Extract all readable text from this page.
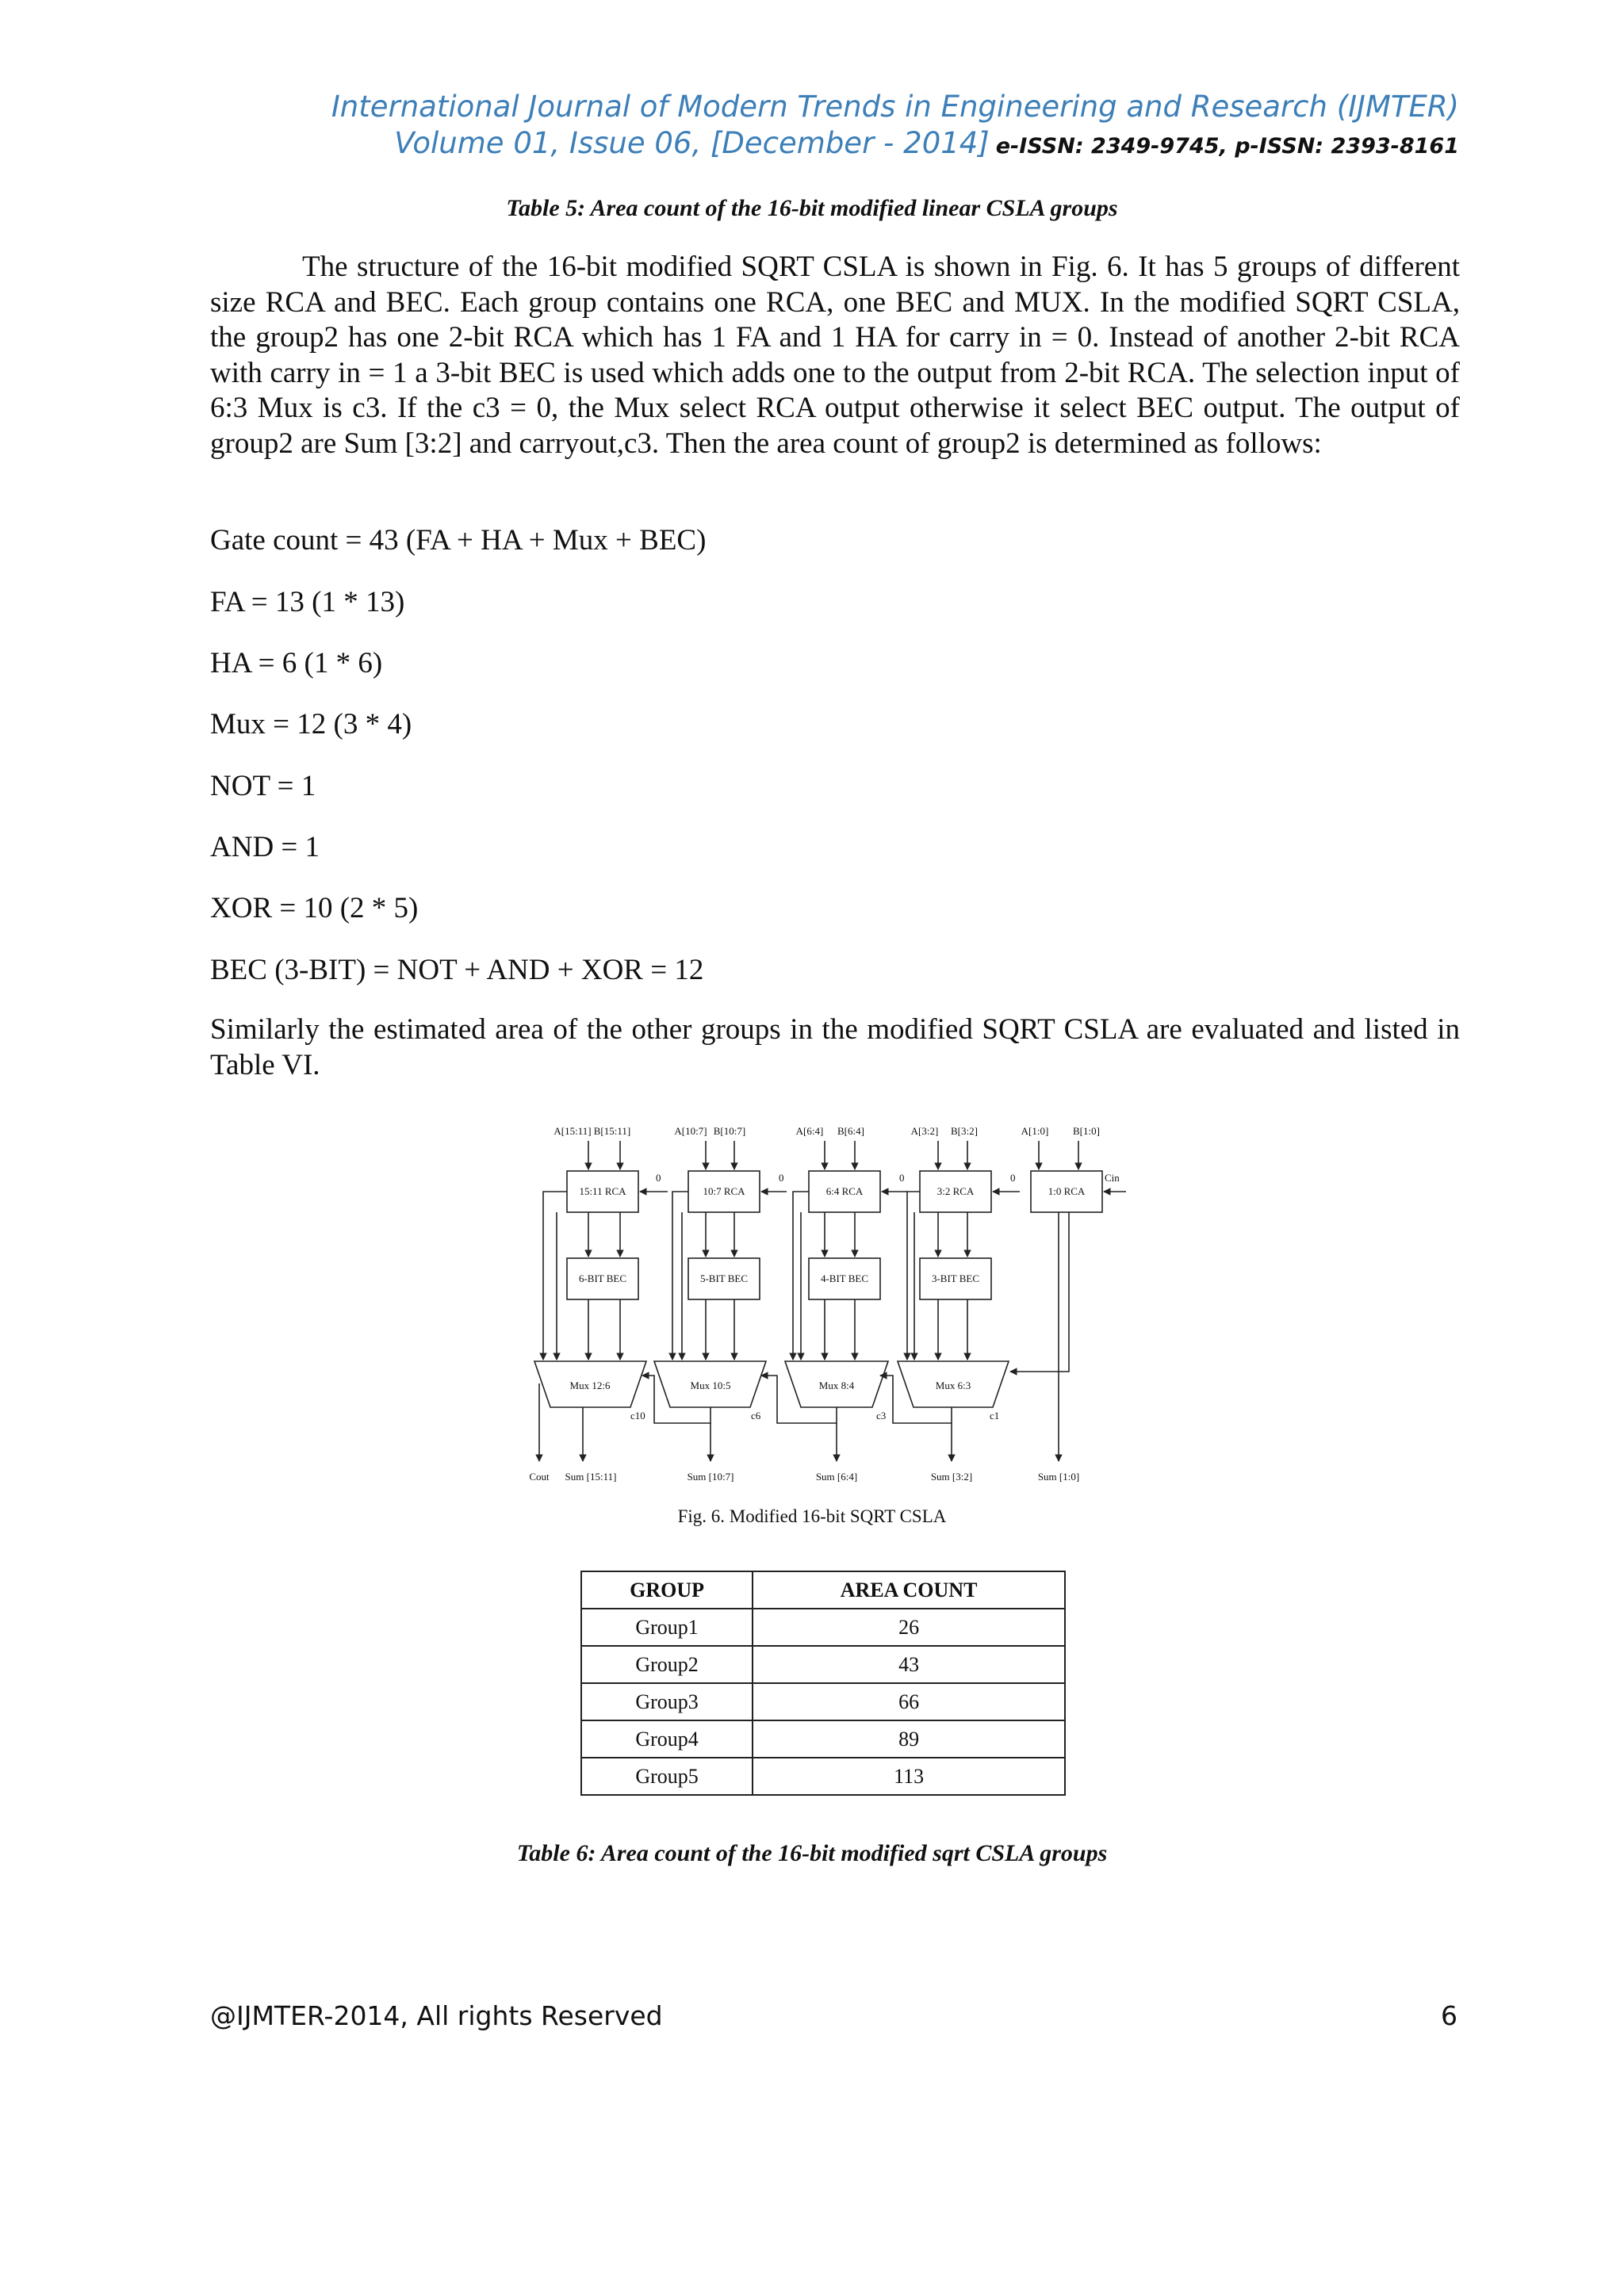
International Journal of Modern Trends in Engineering and Research (IJMTER)
Volume 01, Issue 06, [December - 2014] e-ISSN: 2349-9745, p-ISSN: 2393-8161
Table 5: Area count of the 16-bit modified linear CSLA groups

The structure of the 16-bit modified SQRT CSLA is shown in Fig. 6. It has 5 groups of different size RCA and BEC. Each group contains one RCA, one BEC and MUX. In the modified SQRT CSLA, the group2 has one 2-bit RCA which has 1 FA and 1 HA for carry in = 0. Instead of another 2-bit RCA with carry in = 1 a 3-bit BEC is used which adds one to the output from 2-bit RCA. The selection input of 6:3 Mux is c3. If the c3 = 0, the Mux select RCA output otherwise it select BEC output. The output of group2 are Sum [3:2] and carryout,c3. Then the area count of group2 is determined as follows:

Gate count = 43 (FA + HA + Mux + BEC)
FA = 13 (1 * 13)
HA = 6 (1 * 6)
Mux = 12 (3 * 4)
NOT = 1
AND = 1
XOR = 10 (2 * 5)
BEC (3-BIT) = NOT + AND + XOR = 12

Similarly the estimated area of the other groups in the modified SQRT CSLA are evaluated and listed in Table VI.

A[15:11] B[15:11]	A[10:7] B[10:7]	A[6:4] B[6:4]	A[3:2] B[3:2]	A[1:0] B[1:0]
15:11 RCA	10:7 RCA	6:4 RCA	3:2 RCA	1:0 RCA
6-BIT BEC	5-BIT BEC	4-BIT BEC	3-BIT BEC
Mux 12:6	Mux 10:5	Mux 8:4	Mux 6:3
c10	c6	c3	c1
0	0	0	0	Cin
Cout Sum [15:11]	Sum [10:7]	Sum [6:4]	Sum [3:2]	Sum [1:0]
Fig. 6. Modified 16-bit SQRT CSLA
GROUP	AREA COUNT
Group1	26
Group2	43
Group3	66
Group4	89
Group5	113
Table 6: Area count of the 16-bit modified sqrt CSLA groups
@IJMTER-2014, All rights Reserved	6
